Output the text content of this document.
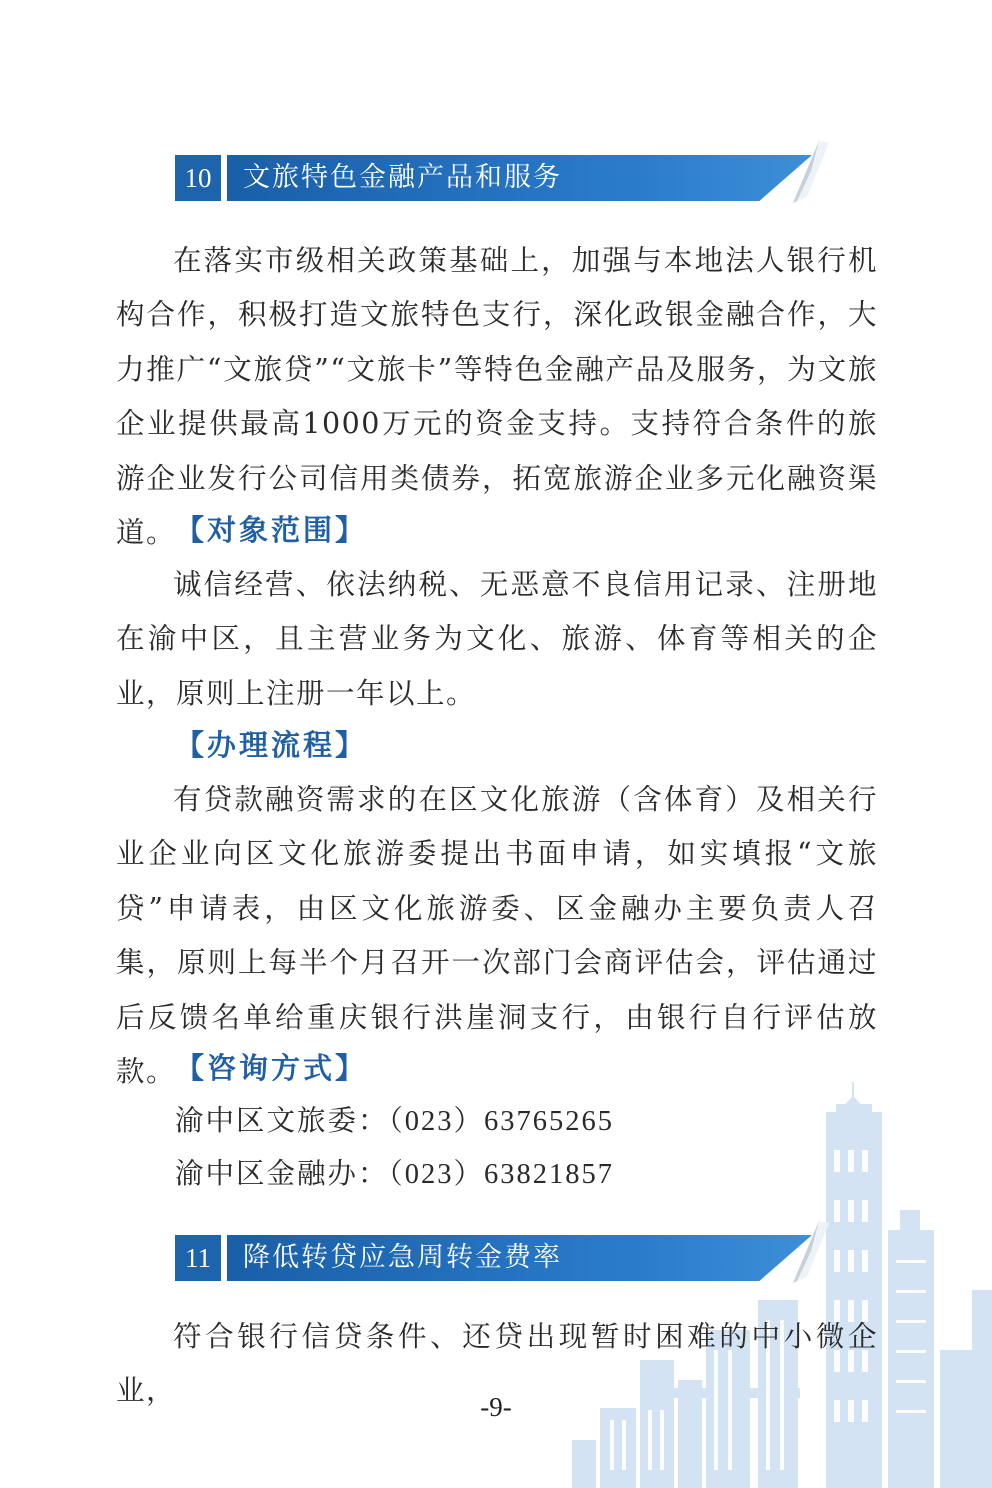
10	文旅特色金融产品和服务

在落实市级相关政策基础上，加强与本地法人银行机构合作，积极打造文旅特色支行，深化政银金融合作，大力推广“文旅贷”“文旅卡”等特色金融产品及服务，为文旅企业提供最高1000万元的资金支持。支持符合条件的旅游企业发行公司信用类债券，拓宽旅游企业多元化融资渠道。

【对象范围】

诚信经营、依法纳税、无恶意不良信用记录、注册地在渝中区，且主营业务为文化、旅游、体育等相关的企业，原则上注册一年以上。

【办理流程】

有贷款融资需求的在区文化旅游（含体育）及相关行业企业向区文化旅游委提出书面申请，如实填报“文旅贷”申请表，由区文化旅游委、区金融办主要负责人召集，原则上每半个月召开一次部门会商评估会，评估通过后反馈名单给重庆银行洪崖洞支行，由银行自行评估放款。

【咨询方式】

渝中区文旅委：（023）63765265

渝中区金融办：（023）63821857

11	降低转贷应急周转金费率

符合银行信贷条件、还贷出现暂时困难的中小微企业，	-9-
